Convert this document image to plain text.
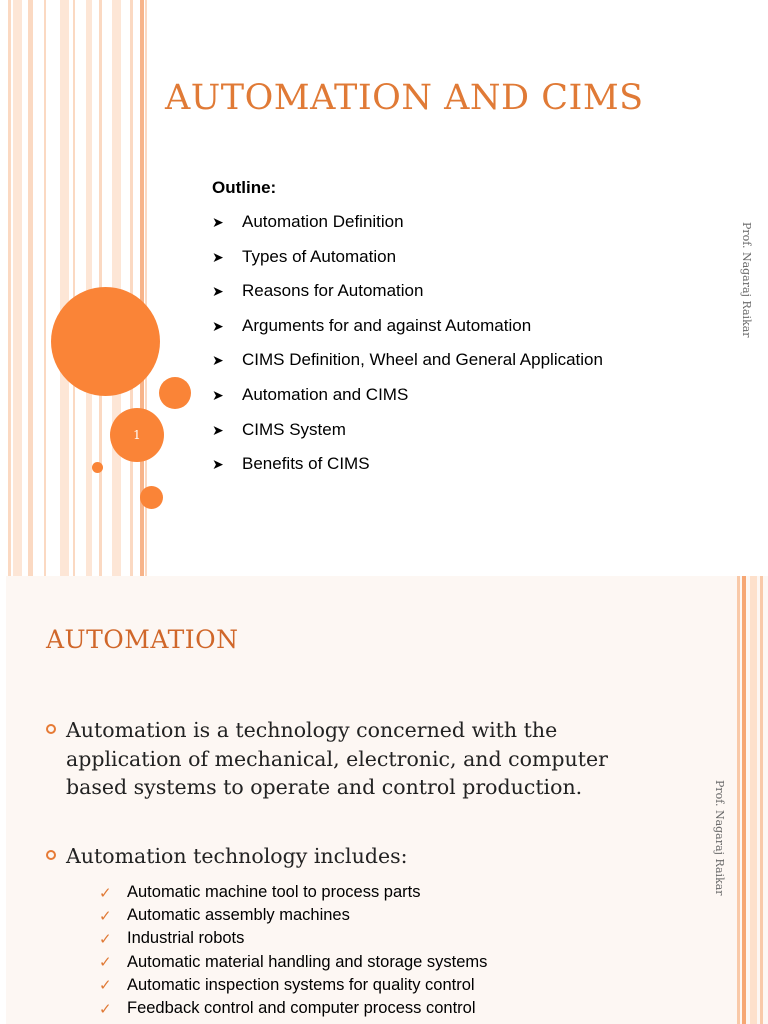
1
AUTOMATION AND CIMS
Outline:
➤	Automation Definition
➤	Types of Automation
➤	Reasons for Automation
➤	Arguments for and against Automation
➤	CIMS Definition, Wheel and General Application
➤	Automation and CIMS
➤	CIMS System
➤	Benefits of CIMS
Prof. Nagaraj Raikar
AUTOMATION
Automation is a technology concerned with the application of mechanical, electronic, and computer based systems to operate and control production.
Automation technology includes:
✓ Automatic machine tool to process parts
✓ Automatic assembly machines
✓ Industrial robots
✓ Automatic material handling and storage systems
✓ Automatic inspection systems for quality control
✓ Feedback control and computer process control
Prof. Nagaraj Raikar
